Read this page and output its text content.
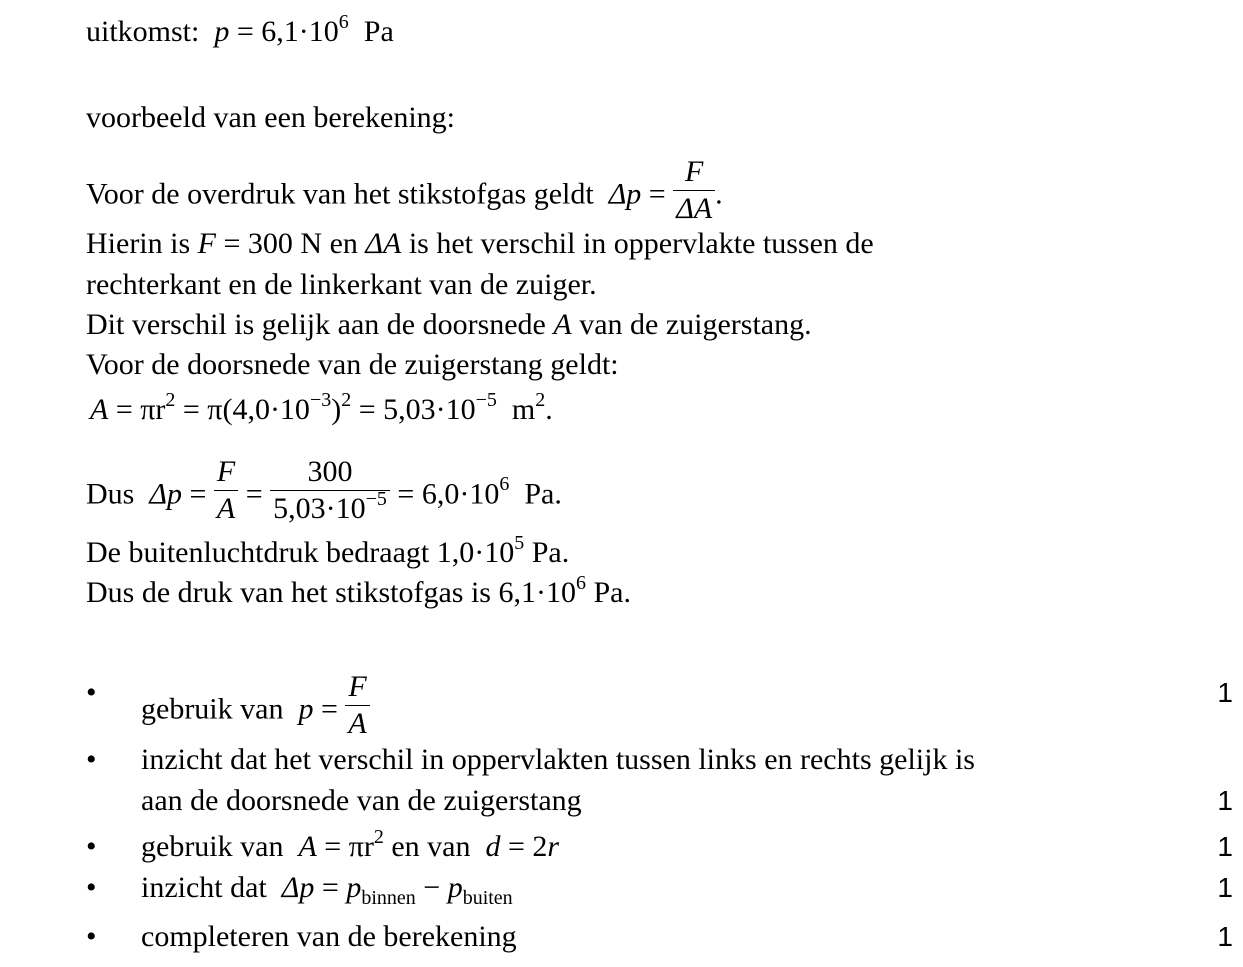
uitkomst: $p = 6,1\cdot 10^6$ Pa
voorbeeld van een berekening:
Voor de overdruk van het stikstofgas geldt $\Delta p = \frac{F}{\Delta A}$ .
Hierin is F = 300 N en ΔA is het verschil in oppervlakte tussen de
rechterkant en de linkerkant van de zuiger.
Dit verschil is gelijk aan de doorsnede A van de zuigerstang.
Voor de doorsnede van de zuigerstang geldt:
$A = \pi r^2 = \pi(4,0\cdot 10^{-3})^2 = 5,03\cdot 10^{-5}$ $m^2$.
Dus $\Delta p = \frac{F}{A} = \frac{300}{5,03\cdot 10^{-5}} = 6,0\cdot 10^6$ Pa.
De buitenluchtdruk bedraagt $1,0\cdot 10^5$ Pa.
Dus de druk van het stikstofgas is $6,1\cdot 10^6$ Pa.
• gebruik van $p = \frac{F}{A}$	1
• inzicht dat het verschil in oppervlakten tussen links en rechts gelijk is
aan de doorsnede van de zuigerstang	1
• gebruik van $A = \pi r^2$ en van d = 2r	1
• inzicht dat $\Delta p = p_{binnen} - p_{buiten}$	1
• completeren van de berekening	1
